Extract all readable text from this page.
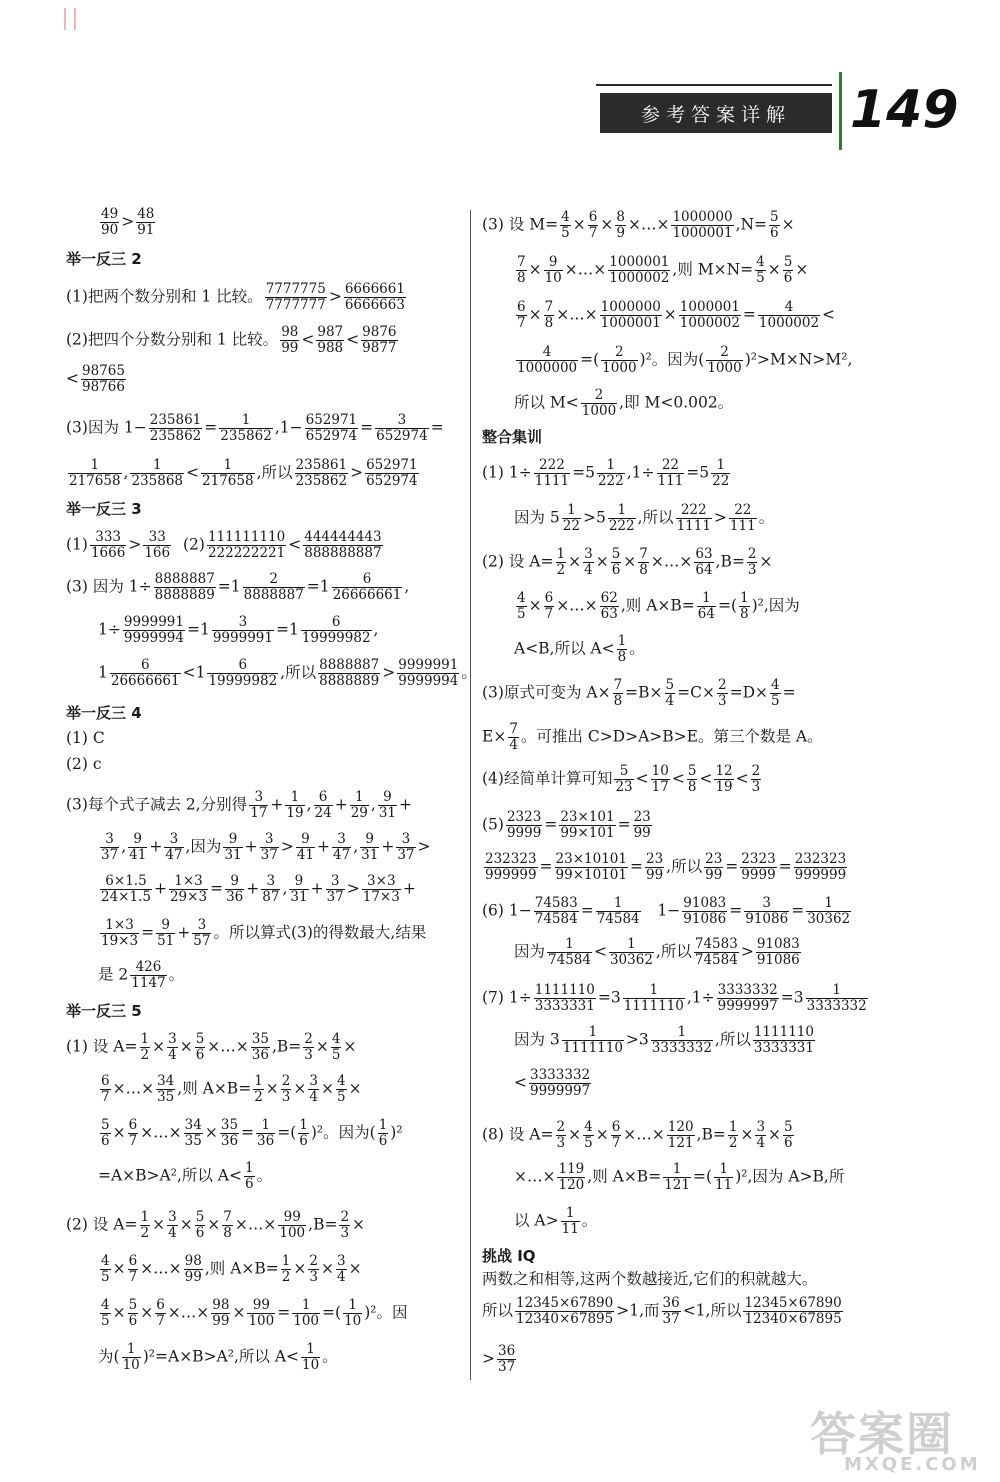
参考答案详解	149
$\frac{49}{90} > \frac{48}{91}$
举一反三 2
(1)把两个数分别和 1 比较。 $\frac{7777775}{7777777} > \frac{6666661}{6666663}$
(2)把四个分数分别和 1 比较。 $\frac{98}{99} < \frac{987}{988} < \frac{9876}{9877}$
< $\frac{98765}{98766}$
(3)因为 $1- \frac{235861}{235862} = \frac{1}{235862} ,1- \frac{652971}{652974} = \frac{3}{652974}$ =
$\frac{1}{217658}$ , $\frac{1}{235868} < \frac{1}{217658}$ ,所以 $\frac{235861}{235862} > \frac{652971}{652974}$
举一反三 3
$(1) \frac{333}{1666} > \frac{33}{166} (2) \frac{111111110}{222222221} < \frac{444444443}{888888887}$
(3) 因为 $1\div \frac{8888887}{8888889} =1 \frac{2}{8888887} =1 \frac{6}{26666661}$ ,
$1\div \frac{9999991}{9999994} =1 \frac{3}{9999991} =1 \frac{6}{19999982}$ ,
$1 \frac{6}{26666661} <1 \frac{6}{19999982}$ ,所以 $\frac{8888887}{8888889} > \frac{9999991}{9999994}$ 。
举一反三 4
(1) C
(2) c
(3)每个式子减去 2,分别得 $\frac{3}{17} + \frac{1}{19}$ , $\frac{6}{24} + \frac{1}{29}$ , $\frac{9}{31}$ +
$\frac{3}{37}$ , $\frac{9}{41} + \frac{3}{47}$ ,因为 $\frac{9}{31} + \frac{3}{37} > \frac{9}{41} + \frac{3}{47}$ , $\frac{9}{31} + \frac{3}{37}$ >
$\frac{6\times 1.5}{24\times 1.5} + \frac{1\times 3}{29\times 3} = \frac{9}{36} + \frac{3}{87}$ , $\frac{9}{31} + \frac{3}{37} > \frac{3\times 3}{17\times 3}$ +
$\frac{1\times 3}{19\times 3} = \frac{9}{51} + \frac{3}{57}$ 。所以算式(3)的得数最大,结果
是 $2 \frac{426}{1147}$ 。
举一反三 5
(1) 设 $A= \frac{1}{2} \times \frac{3}{4} \times \frac{5}{6}$ ×…× $\frac{35}{36} ,B= \frac{2}{3} \times \frac{4}{5}$ ×
$\frac{6}{7}$ ×…× $\frac{34}{35}$ ,则 $A\times B= \frac{1}{2} \times \frac{2}{3} \times \frac{3}{4} \times \frac{4}{5}$ ×
$\frac{5}{6} \times \frac{6}{7}$ ×…× $\frac{34}{35} \times \frac{35}{36} = \frac{1}{36}$ =( $\frac{1}{6} )^2$。因为( $\frac{1}{6} )^2$
=A×B>A²,所以 $A< \frac{1}{6}$ 。
(2) 设 $A= \frac{1}{2} \times \frac{3}{4} \times \frac{5}{6} \times \frac{7}{8}$ ×…× $\frac{99}{100} ,B= \frac{2}{3}$ ×
$\frac{4}{5} \times \frac{6}{7}$ ×…× $\frac{98}{99}$ ,则 $A\times B= \frac{1}{2} \times \frac{2}{3} \times \frac{3}{4}$ ×
$\frac{4}{5} \times \frac{5}{6} \times \frac{6}{7}$ ×…× $\frac{98}{99} \times \frac{99}{100} = \frac{1}{100}$ =( $\frac{1}{10} )^2$。因
为( $\frac{1}{10} )^2=A\times B>A^2$,所以 $A< \frac{1}{10}$ 。
(3) 设 $M= \frac{4}{5} \times \frac{6}{7} \times \frac{8}{9}$ ×…× $\frac{1000000}{1000001} ,N= \frac{5}{6}$ ×
$\frac{7}{8} \times \frac{9}{10}$ ×…× $\frac{1000001}{1000002}$ ,则 $M\times N= \frac{4}{5} \times \frac{5}{6}$ ×
$\frac{6}{7} \times \frac{7}{8}$ ×…× $\frac{1000000}{1000001} \times \frac{1000001}{1000002} = \frac{4}{1000002}$ <
$\frac{4}{1000000}$ =( $\frac{2}{1000} )^2$。因为( $\frac{2}{1000} )^2>M\times N>M^2$,
所以 $M< \frac{2}{1000}$ ,即 M<0.002。
整合集训
(1) $1\div \frac{222}{1111} =5 \frac{1}{222} ,1\div \frac{22}{111} =5 \frac{1}{22}$
因为 $5 \frac{1}{22} >5 \frac{1}{222}$ ,所以 $\frac{222}{1111} > \frac{22}{111}$ 。
(2) 设 $A= \frac{1}{2} \times \frac{3}{4} \times \frac{5}{6} \times \frac{7}{8}$ ×…× $\frac{63}{64} ,B= \frac{2}{3}$ ×
$\frac{4}{5} \times \frac{6}{7}$ ×…× $\frac{62}{63}$ ,则 $A\times B= \frac{1}{64}$ =( $\frac{1}{8} )^2$,因为
A<B,所以 $A< \frac{1}{8}$ 。
(3)原式可变为 $A\times \frac{7}{8} =B\times \frac{5}{4} =C\times \frac{2}{3} =D\times \frac{4}{5}$ =
$E\times \frac{7}{4}$ 。可推出 C>D>A>B>E。第三个数是 A。
(4)经简单计算可知 $\frac{5}{23} < \frac{10}{17} < \frac{5}{8} < \frac{12}{19} < \frac{2}{3}$
$(5) \frac{2323}{9999} = \frac{23\times 101}{99\times 101} = \frac{23}{99}$
$\frac{232323}{999999} = \frac{23\times 10101}{99\times 10101} = \frac{23}{99}$ ,所以 $\frac{23}{99} = \frac{2323}{9999} = \frac{232323}{999999}$
(6) $1- \frac{74583}{74584} = \frac{1}{74584} 1- \frac{91083}{91086} = \frac{3}{91086} = \frac{1}{30362}$
因为 $\frac{1}{74584} < \frac{1}{30362}$ ,所以 $\frac{74583}{74584} > \frac{91083}{91086}$
(7) $1\div \frac{1111110}{3333331} =3 \frac{1}{1111110} ,1\div \frac{3333332}{9999997} =3 \frac{1}{3333332}$
因为 $3 \frac{1}{1111110} >3 \frac{1}{3333332}$ ,所以 $\frac{1111110}{3333331}$
< $\frac{3333332}{9999997}$
(8) 设 $A= \frac{2}{3} \times \frac{4}{5} \times \frac{6}{7}$ ×…× $\frac{120}{121} ,B= \frac{1}{2} \times \frac{3}{4} \times \frac{5}{6}$
×…× $\frac{119}{120}$ ,则 $A\times B= \frac{1}{121}$ =( $\frac{1}{11} )^2$,因为 A>B,所
以 $A> \frac{1}{11}$ 。
挑战 IQ
两数之和相等,这两个数越接近,它们的积就越大。
所以 $\frac{12345\times 67890}{12340\times 67895} >1$,而 $\frac{36}{37} <1$,所以 $\frac{12345\times 67890}{12340\times 67895}$
> $\frac{36}{37}$
答案圈
MXQE.COM
